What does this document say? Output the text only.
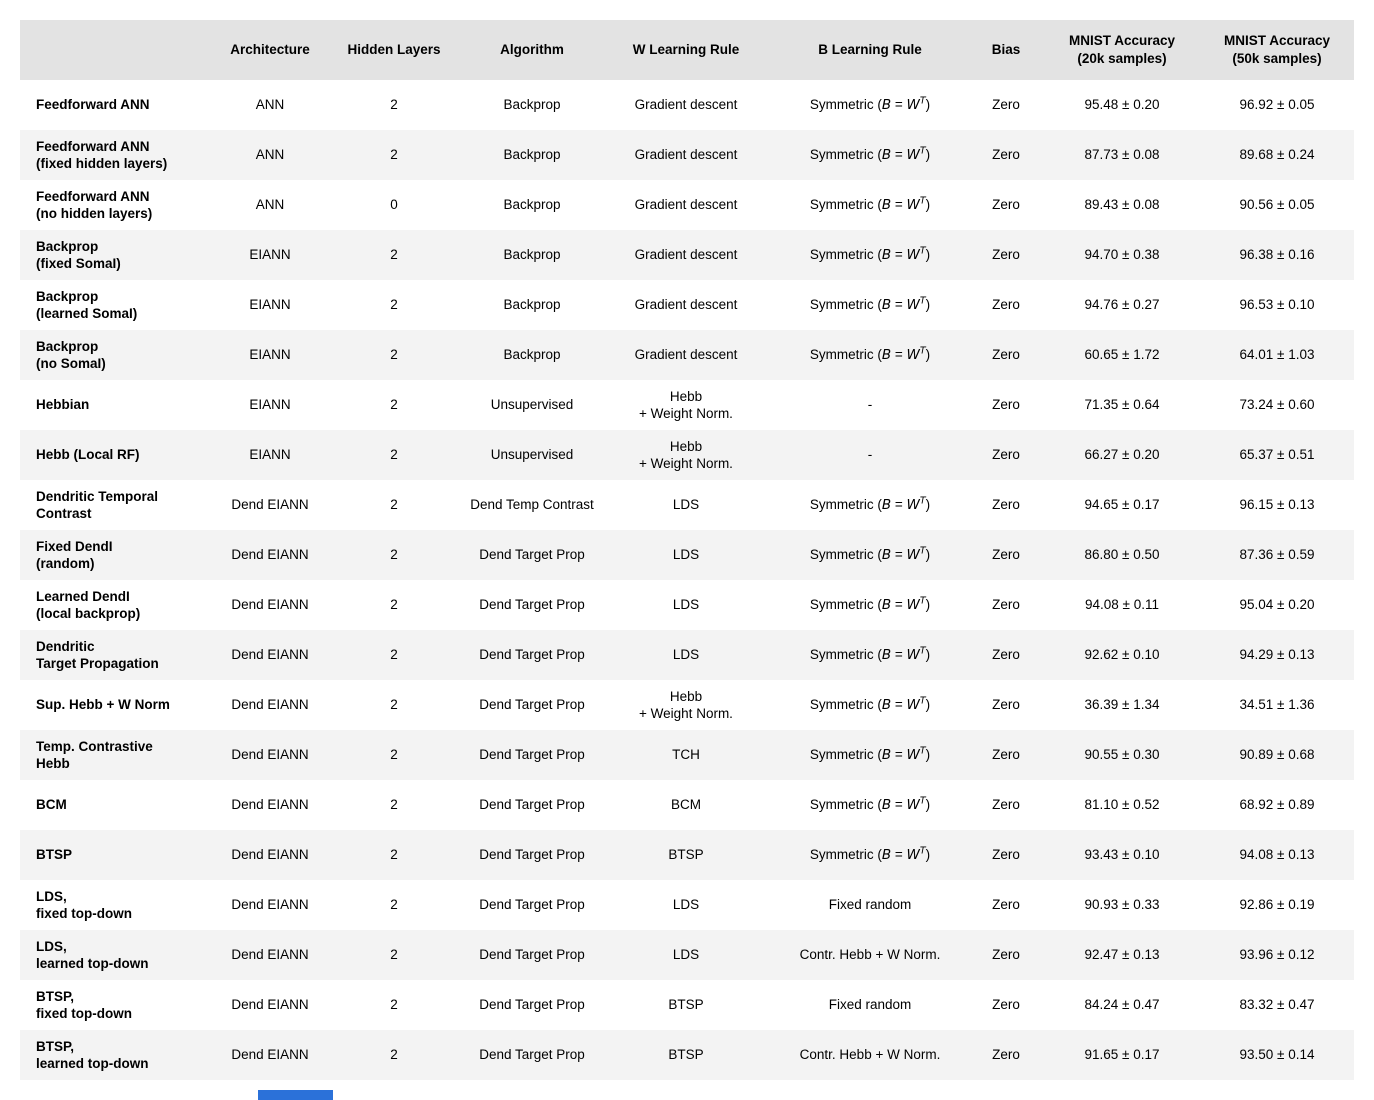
	Architecture	Hidden Layers	Algorithm	W Learning Rule	B Learning Rule	Bias	MNIST Accuracy
(20k samples)	MNIST Accuracy
(50k samples)
Feedforward ANN	ANN	2	Backprop	Gradient descent	Symmetric $(B = W^T)$	Zero	95.48 ± 0.20	96.92 ± 0.05
Feedforward ANN
(fixed hidden layers)	ANN	2	Backprop	Gradient descent	Symmetric $(B = W^T)$	Zero	87.73 ± 0.08	89.68 ± 0.24
Feedforward ANN
(no hidden layers)	ANN	0	Backprop	Gradient descent	Symmetric $(B = W^T)$	Zero	89.43 ± 0.08	90.56 ± 0.05
Backprop
(fixed SomaI)	EIANN	2	Backprop	Gradient descent	Symmetric $(B = W^T)$	Zero	94.70 ± 0.38	96.38 ± 0.16
Backprop
(learned SomaI)	EIANN	2	Backprop	Gradient descent	Symmetric $(B = W^T)$	Zero	94.76 ± 0.27	96.53 ± 0.10
Backprop
(no SomaI)	EIANN	2	Backprop	Gradient descent	Symmetric $(B = W^T)$	Zero	60.65 ± 1.72	64.01 ± 1.03
Hebbian	EIANN	2	Unsupervised	Hebb
+ Weight Norm.	-	Zero	71.35 ± 0.64	73.24 ± 0.60
Hebb (Local RF)	EIANN	2	Unsupervised	Hebb
+ Weight Norm.	-	Zero	66.27 ± 0.20	65.37 ± 0.51
Dendritic Temporal
Contrast	Dend EIANN	2	Dend Temp Contrast	LDS	Symmetric $(B = W^T)$	Zero	94.65 ± 0.17	96.15 ± 0.13
Fixed DendI
(random)	Dend EIANN	2	Dend Target Prop	LDS	Symmetric $(B = W^T)$	Zero	86.80 ± 0.50	87.36 ± 0.59
Learned DendI
(local backprop)	Dend EIANN	2	Dend Target Prop	LDS	Symmetric $(B = W^T)$	Zero	94.08 ± 0.11	95.04 ± 0.20
Dendritic
Target Propagation	Dend EIANN	2	Dend Target Prop	LDS	Symmetric $(B = W^T)$	Zero	92.62 ± 0.10	94.29 ± 0.13
Sup. Hebb + W Norm	Dend EIANN	2	Dend Target Prop	Hebb
+ Weight Norm.	Symmetric $(B = W^T)$	Zero	36.39 ± 1.34	34.51 ± 1.36
Temp. Contrastive
Hebb	Dend EIANN	2	Dend Target Prop	TCH	Symmetric $(B = W^T)$	Zero	90.55 ± 0.30	90.89 ± 0.68
BCM	Dend EIANN	2	Dend Target Prop	BCM	Symmetric $(B = W^T)$	Zero	81.10 ± 0.52	68.92 ± 0.89
BTSP	Dend EIANN	2	Dend Target Prop	BTSP	Symmetric $(B = W^T)$	Zero	93.43 ± 0.10	94.08 ± 0.13
LDS,
fixed top-down	Dend EIANN	2	Dend Target Prop	LDS	Fixed random	Zero	90.93 ± 0.33	92.86 ± 0.19
LDS,
learned top-down	Dend EIANN	2	Dend Target Prop	LDS	Contr. Hebb + W Norm.	Zero	92.47 ± 0.13	93.96 ± 0.12
BTSP,
fixed top-down	Dend EIANN	2	Dend Target Prop	BTSP	Fixed random	Zero	84.24 ± 0.47	83.32 ± 0.47
BTSP,
learned top-down	Dend EIANN	2	Dend Target Prop	BTSP	Contr. Hebb + W Norm.	Zero	91.65 ± 0.17	93.50 ± 0.14
